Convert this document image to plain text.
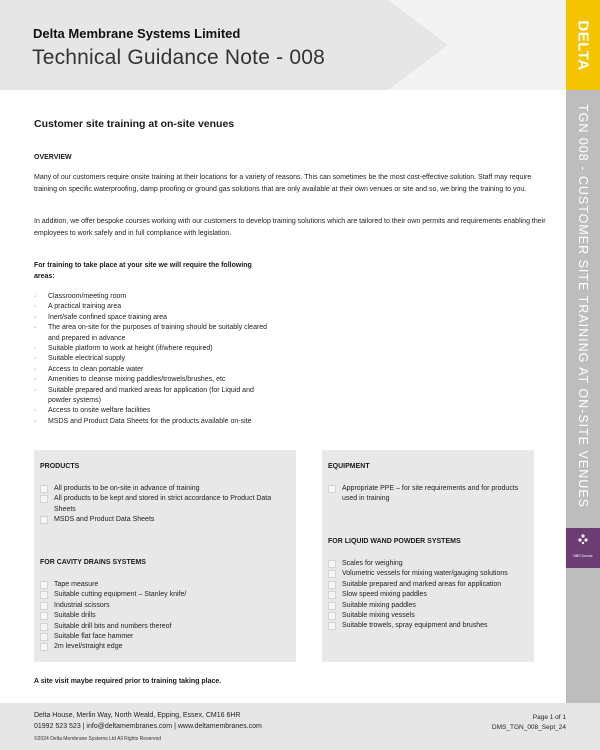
Delta Membrane Systems Limited
Technical Guidance Note - 008	DELTA
TGN 008 - CUSTOMER SITE TRAINING AT ON-SITE VENUES
NBS Source
Customer site training at on-site venues
OVERVIEW

Many of our customers require onsite training at their locations for a variety of reasons. This can sometimes be the most cost-effective solution. Staff may require training on specific waterproofing, damp proofing or ground gas solutions that are only available at their own venues or site and so, we bring the training to you.

In addition, we offer bespoke courses working with our customers to develop training solutions which are tailored to their own permits and requirements enabling their employees to work safely and in full compliance with legislation.

For training to take place at your site we will require the following areas:
· Classroom/meeting room
· A practical training area
· Inert/safe confined space training area
· The area on-site for the purposes of training should be suitably cleared and prepared in advance
· Suitable platform to work at height (if/where required)
· Suitable electrical supply
· Access to clean portable water
· Amenities to cleanse mixing paddles/trowels/brushes, etc
· Suitable prepared and marked areas for application (for Liquid and powder systems)
· Access to onsite welfare facilities
· MSDS and Product Data Sheets for the products available on-site
PRODUCTS
All products to be on-site in advance of training
All products to be kept and stored in strict accordance to Product Data Sheets
MSDS and Product Data Sheets
FOR CAVITY DRAINS SYSTEMS
Tape measure
Suitable cutting equipment – Stanley knife/
Industrial scissors
Suitable drills
Suitable drill bits and numbers thereof
Suitable flat face hammer
2m level/straight edge
EQUIPMENT
Appropriate PPE – for site requirements and for products used in training
FOR LIQUID WAND POWDER SYSTEMS
Scales for weighing
Volumetric vessels for mixing water/gauging solutions
Suitable prepared and marked areas for application
Slow speed mixing paddles
Suitable mixing paddles
Suitable mixing vessels
Suitable trowels, spray equipment and brushes
A site visit maybe required prior to training taking place.
Delta House, Merlin Way, North Weald, Epping, Essex, CM16 6HR
01992 523 523 | info@deltamembranes.com | www.deltamembranes.com
©2024 Delta Membrane Systems Ltd All Rights Reserved
Page 1 of 1
DMS_TGN_008_Sept_24
